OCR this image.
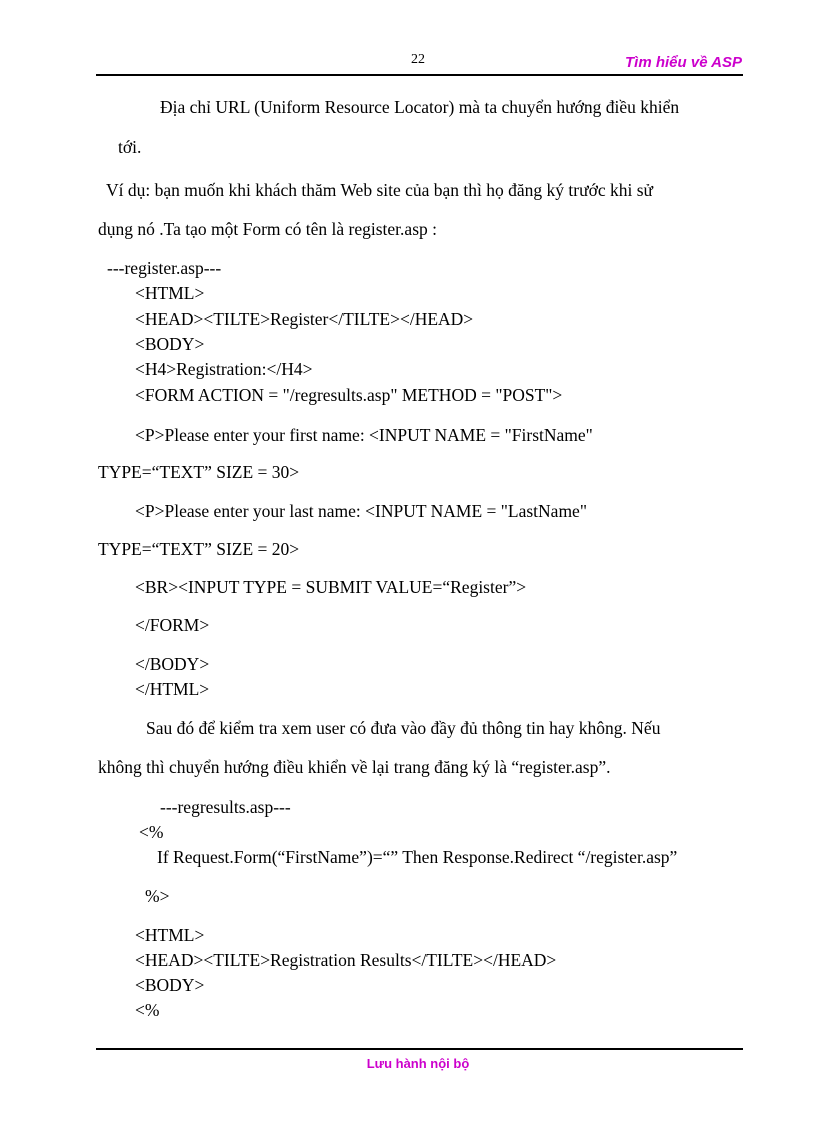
22	Tìm hiểu về ASP
Địa chỉ URL (Uniform Resource Locator) mà ta chuyển hướng điều khiển
tới.
Ví dụ: bạn muốn khi khách thăm Web site của bạn thì họ đăng ký trước khi sử
dụng nó .Ta tạo một Form có tên là register.asp :
---register.asp---
<HTML>
<HEAD><TILTE>Register</TILTE></HEAD>
<BODY>
<H4>Registration:</H4>
<FORM ACTION = "/regresults.asp" METHOD = "POST">
<P>Please enter your first name: <INPUT NAME = "FirstName"
TYPE=“TEXT” SIZE = 30>
<P>Please enter your last name: <INPUT NAME = "LastName"
TYPE=“TEXT” SIZE = 20>
<BR><INPUT TYPE = SUBMIT VALUE=“Register”>
</FORM>
</BODY>
</HTML>
Sau đó để kiểm tra xem user có đưa vào đầy đủ thông tin hay không. Nếu
không thì chuyển hướng điều khiển về lại trang đăng ký là “register.asp”.
---regresults.asp---
<%
If Request.Form(“FirstName”)=“” Then Response.Redirect “/register.asp”
%>
<HTML>
<HEAD><TILTE>Registration Results</TILTE></HEAD>
<BODY>
<%
Lưu hành nội bộ
